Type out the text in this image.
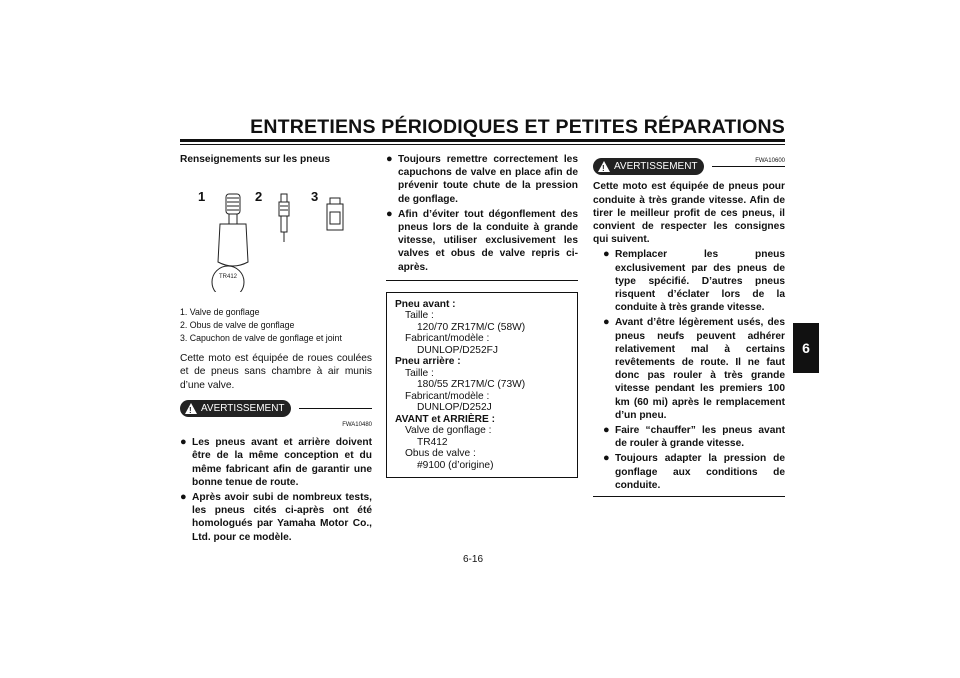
ENTRETIENS PÉRIODIQUES ET PETITES RÉPARATIONS
6
Renseignements sur les pneus
1	2	3
TR412
1. Valve de gonflage
2. Obus de valve de gonflage
3. Capuchon de valve de gonflage et joint
Cette moto est équipée de roues coulées et de pneus sans chambre à air munis d’une valve.
! AVERTISSEMENT
FWA10480
● Les pneus avant et arrière doivent être de la même conception et du même fabricant afin de garantir une bonne tenue de route.
● Après avoir subi de nombreux tests, les pneus cités ci-après ont été homologués par Yamaha Motor Co., Ltd. pour ce modèle.
● Toujours remettre correctement les capuchons de valve en place afin de prévenir toute chute de la pression de gonflage.
● Afin d’éviter tout dégonflement des pneus lors de la conduite à grande vitesse, utiliser exclusivement les valves et obus de valve repris ci-après.
Pneu avant :
Taille :
120/70 ZR17M/C (58W)
Fabricant/modèle :
DUNLOP/D252FJ
Pneu arrière :
Taille :
180/55 ZR17M/C (73W)
Fabricant/modèle :
DUNLOP/D252J
AVANT et ARRIÈRE :
Valve de gonflage :
TR412
Obus de valve :
#9100 (d’origine)
! AVERTISSEMENT	FWA10600
Cette moto est équipée de pneus pour conduite à très grande vitesse. Afin de tirer le meilleur profit de ces pneus, il convient de respecter les consignes qui suivent.
● Remplacer les pneus exclusivement par des pneus de type spécifié. D’autres pneus risquent d’éclater lors de la conduite à très grande vitesse.
● Avant d’être légèrement usés, des pneus neufs peuvent adhérer relativement mal à certains revêtements de route. Il ne faut donc pas rouler à très grande vitesse pendant les premiers 100 km (60 mi) après le remplacement d’un pneu.
● Faire “chauffer” les pneus avant de rouler à grande vitesse.
● Toujours adapter la pression de gonflage aux conditions de conduite.
6-16
